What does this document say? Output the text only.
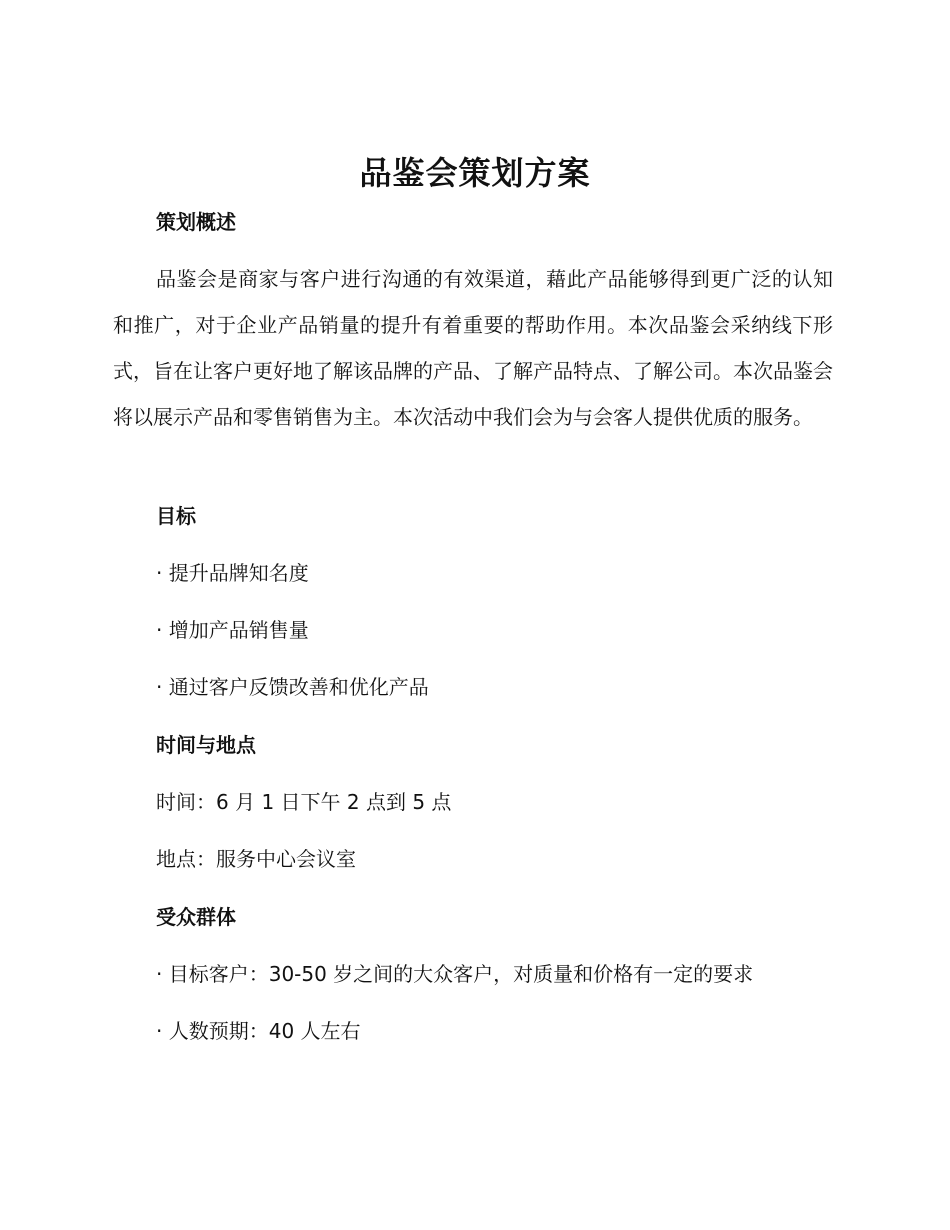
品鉴会策划方案
策划概述
品鉴会是商家与客户进行沟通的有效渠道，藉此产品能够得到更广泛的认知和推广，对于企业产品销量的提升有着重要的帮助作用。本次品鉴会采纳线下形式，旨在让客户更好地了解该品牌的产品、了解产品特点、了解公司。本次品鉴会将以展示产品和零售销售为主。本次活动中我们会为与会客人提供优质的服务。
目标
· 提升品牌知名度
· 增加产品销售量
· 通过客户反馈改善和优化产品
时间与地点
时间：6 月 1 日下午 2 点到 5 点
地点：服务中心会议室
受众群体
· 目标客户：30-50 岁之间的大众客户，对质量和价格有一定的要求
· 人数预期：40 人左右
